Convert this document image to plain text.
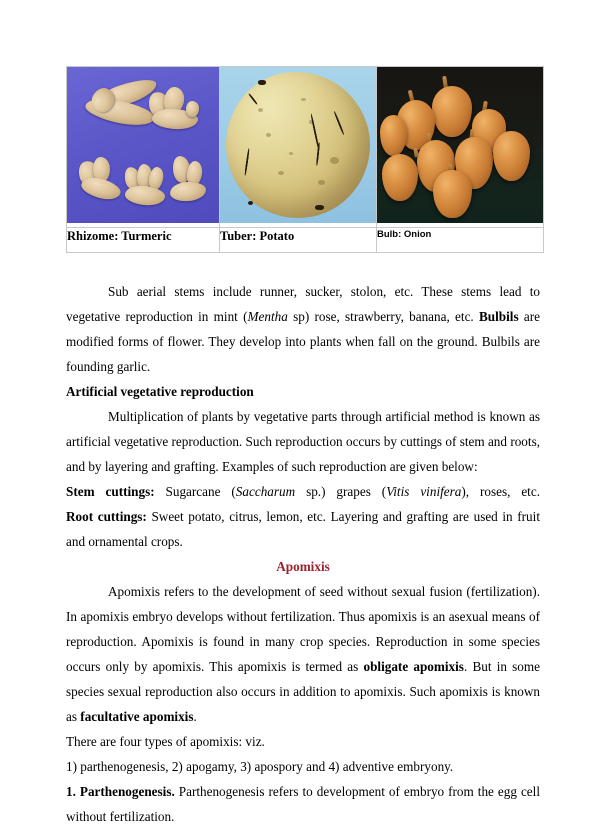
Rhizome: Turmeric	Tuber: Potato	Bulb: Onion

Sub aerial stems include runner, sucker, stolon, etc. These stems lead to vegetative reproduction in mint (Mentha sp) rose, strawberry, banana, etc. Bulbils are modified forms of flower. They develop into plants when fall on the ground. Bulbils are founding garlic.

Artificial vegetative reproduction

Multiplication of plants by vegetative parts through artificial method is known as artificial vegetative reproduction. Such reproduction occurs by cuttings of stem and roots, and by layering and grafting. Examples of such reproduction are given below:

Stem cuttings: Sugarcane (Saccharum sp.) grapes (Vitis vinifera), roses, etc.

Root cuttings: Sweet potato, citrus, lemon, etc. Layering and grafting are used in fruit and ornamental crops.

Apomixis

Apomixis refers to the development of seed without sexual fusion (fertilization). In apomixis embryo develops without fertilization. Thus apomixis is an asexual means of reproduction. Apomixis is found in many crop species. Reproduction in some species occurs only by apomixis. This apomixis is termed as obligate apomixis. But in some species sexual reproduction also occurs in addition to apomixis. Such apomixis is known as facultative apomixis.

There are four types of apomixis: viz.

1) parthenogenesis, 2) apogamy, 3) apospory and 4) adventive embryony.

1. Parthenogenesis. Parthenogenesis refers to development of embryo from the egg cell without fertilization.
